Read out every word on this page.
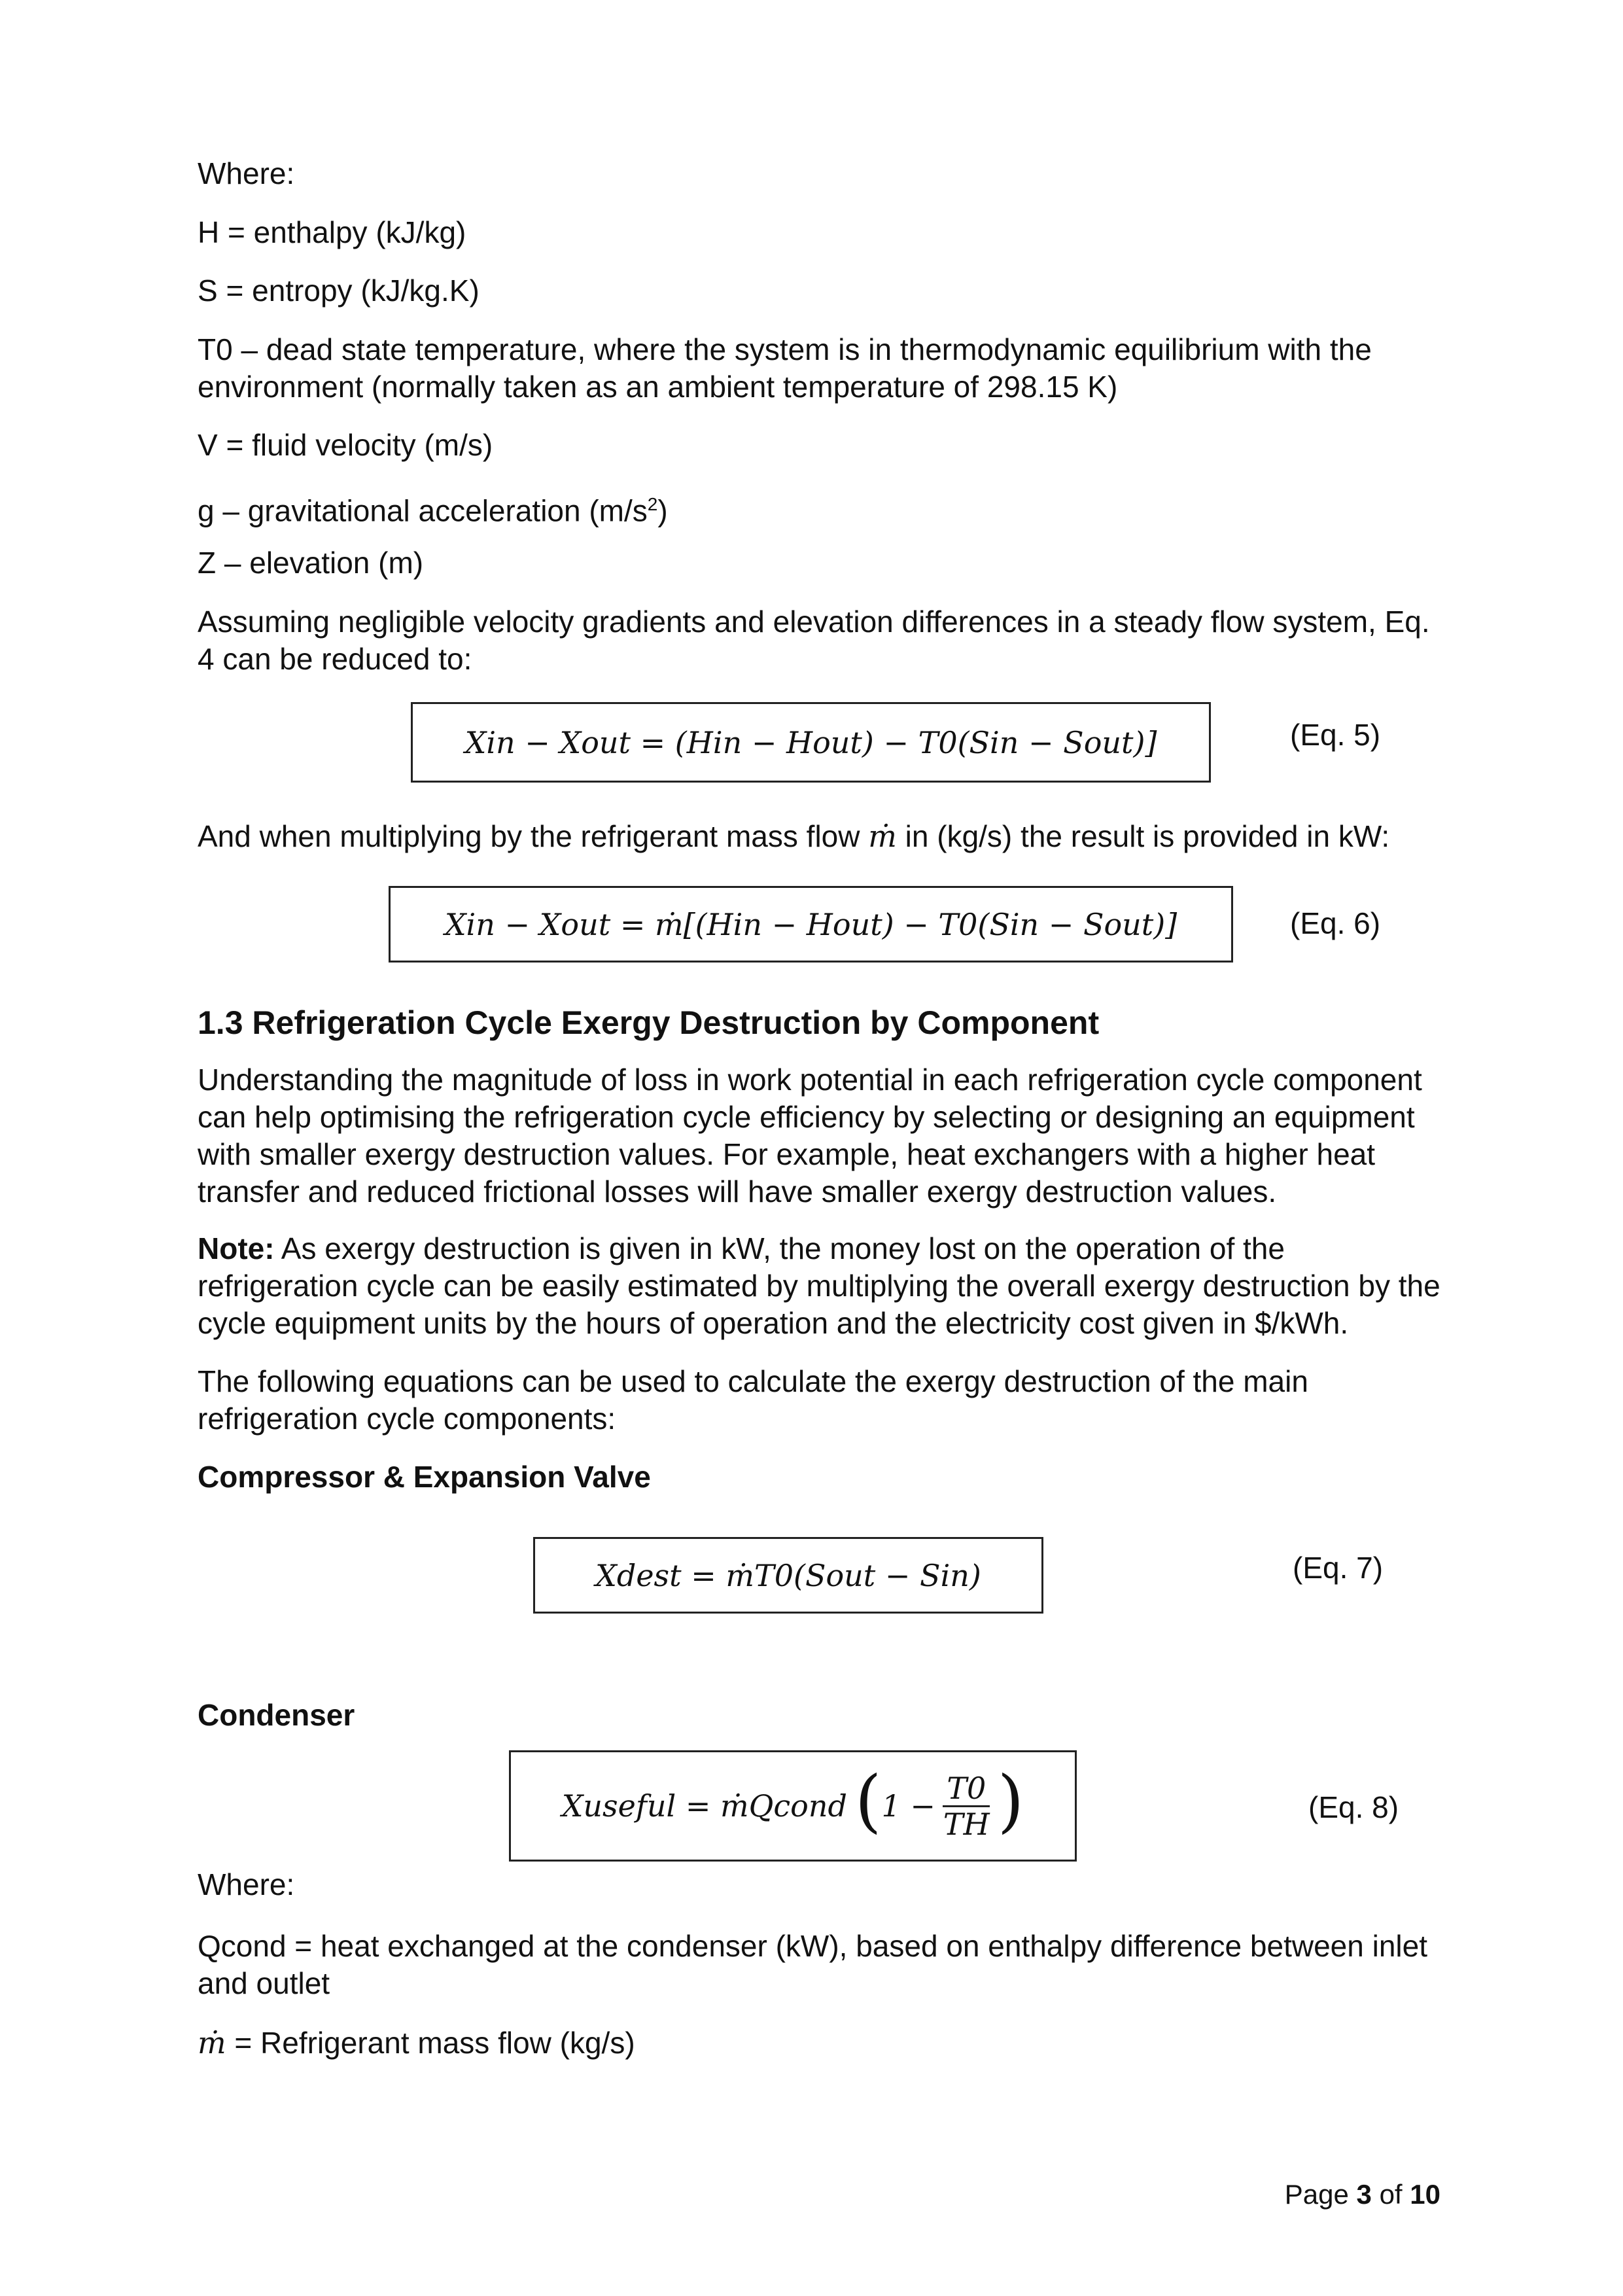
Where:

H = enthalpy (kJ/kg)

S = entropy (kJ/kg.K)

T0 – dead state temperature, where the system is in thermodynamic equilibrium with the environment (normally taken as an ambient temperature of 298.15 K)

V = fluid velocity (m/s)

g – gravitational acceleration $(m/s^2)$

Z – elevation (m)

Assuming negligible velocity gradients and elevation differences in a steady flow system, Eq. 4 can be reduced to:

Xin − Xout = (Hin − Hout) − T0(Sin − Sout)]	(Eq. 5)

And when multiplying by the refrigerant mass flow ṁ in (kg/s) the result is provided in kW:

Xin − Xout = ṁ[(Hin − Hout) − T0(Sin − Sout)]	(Eq. 6)
1.3 Refrigeration Cycle Exergy Destruction by Component

Understanding the magnitude of loss in work potential in each refrigeration cycle component can help optimising the refrigeration cycle efficiency by selecting or designing an equipment with smaller exergy destruction values. For example, heat exchangers with a higher heat transfer and reduced frictional losses will have smaller exergy destruction values.

Note: As exergy destruction is given in kW, the money lost on the operation of the refrigeration cycle can be easily estimated by multiplying the overall exergy destruction by the cycle equipment units by the hours of operation and the electricity cost given in $/kWh.

The following equations can be used to calculate the exergy destruction of the main refrigeration cycle components:

Compressor & Expansion Valve

Xdest = ṁT0(Sout − Sin)	(Eq. 7)

Condenser

Xuseful = ṁQcond ( $1 - \frac{T0}{TH}$ )	(Eq. 8)

Where:

Qcond = heat exchanged at the condenser (kW), based on enthalpy difference between inlet and outlet

ṁ = Refrigerant mass flow (kg/s)

Page 3 of 10
